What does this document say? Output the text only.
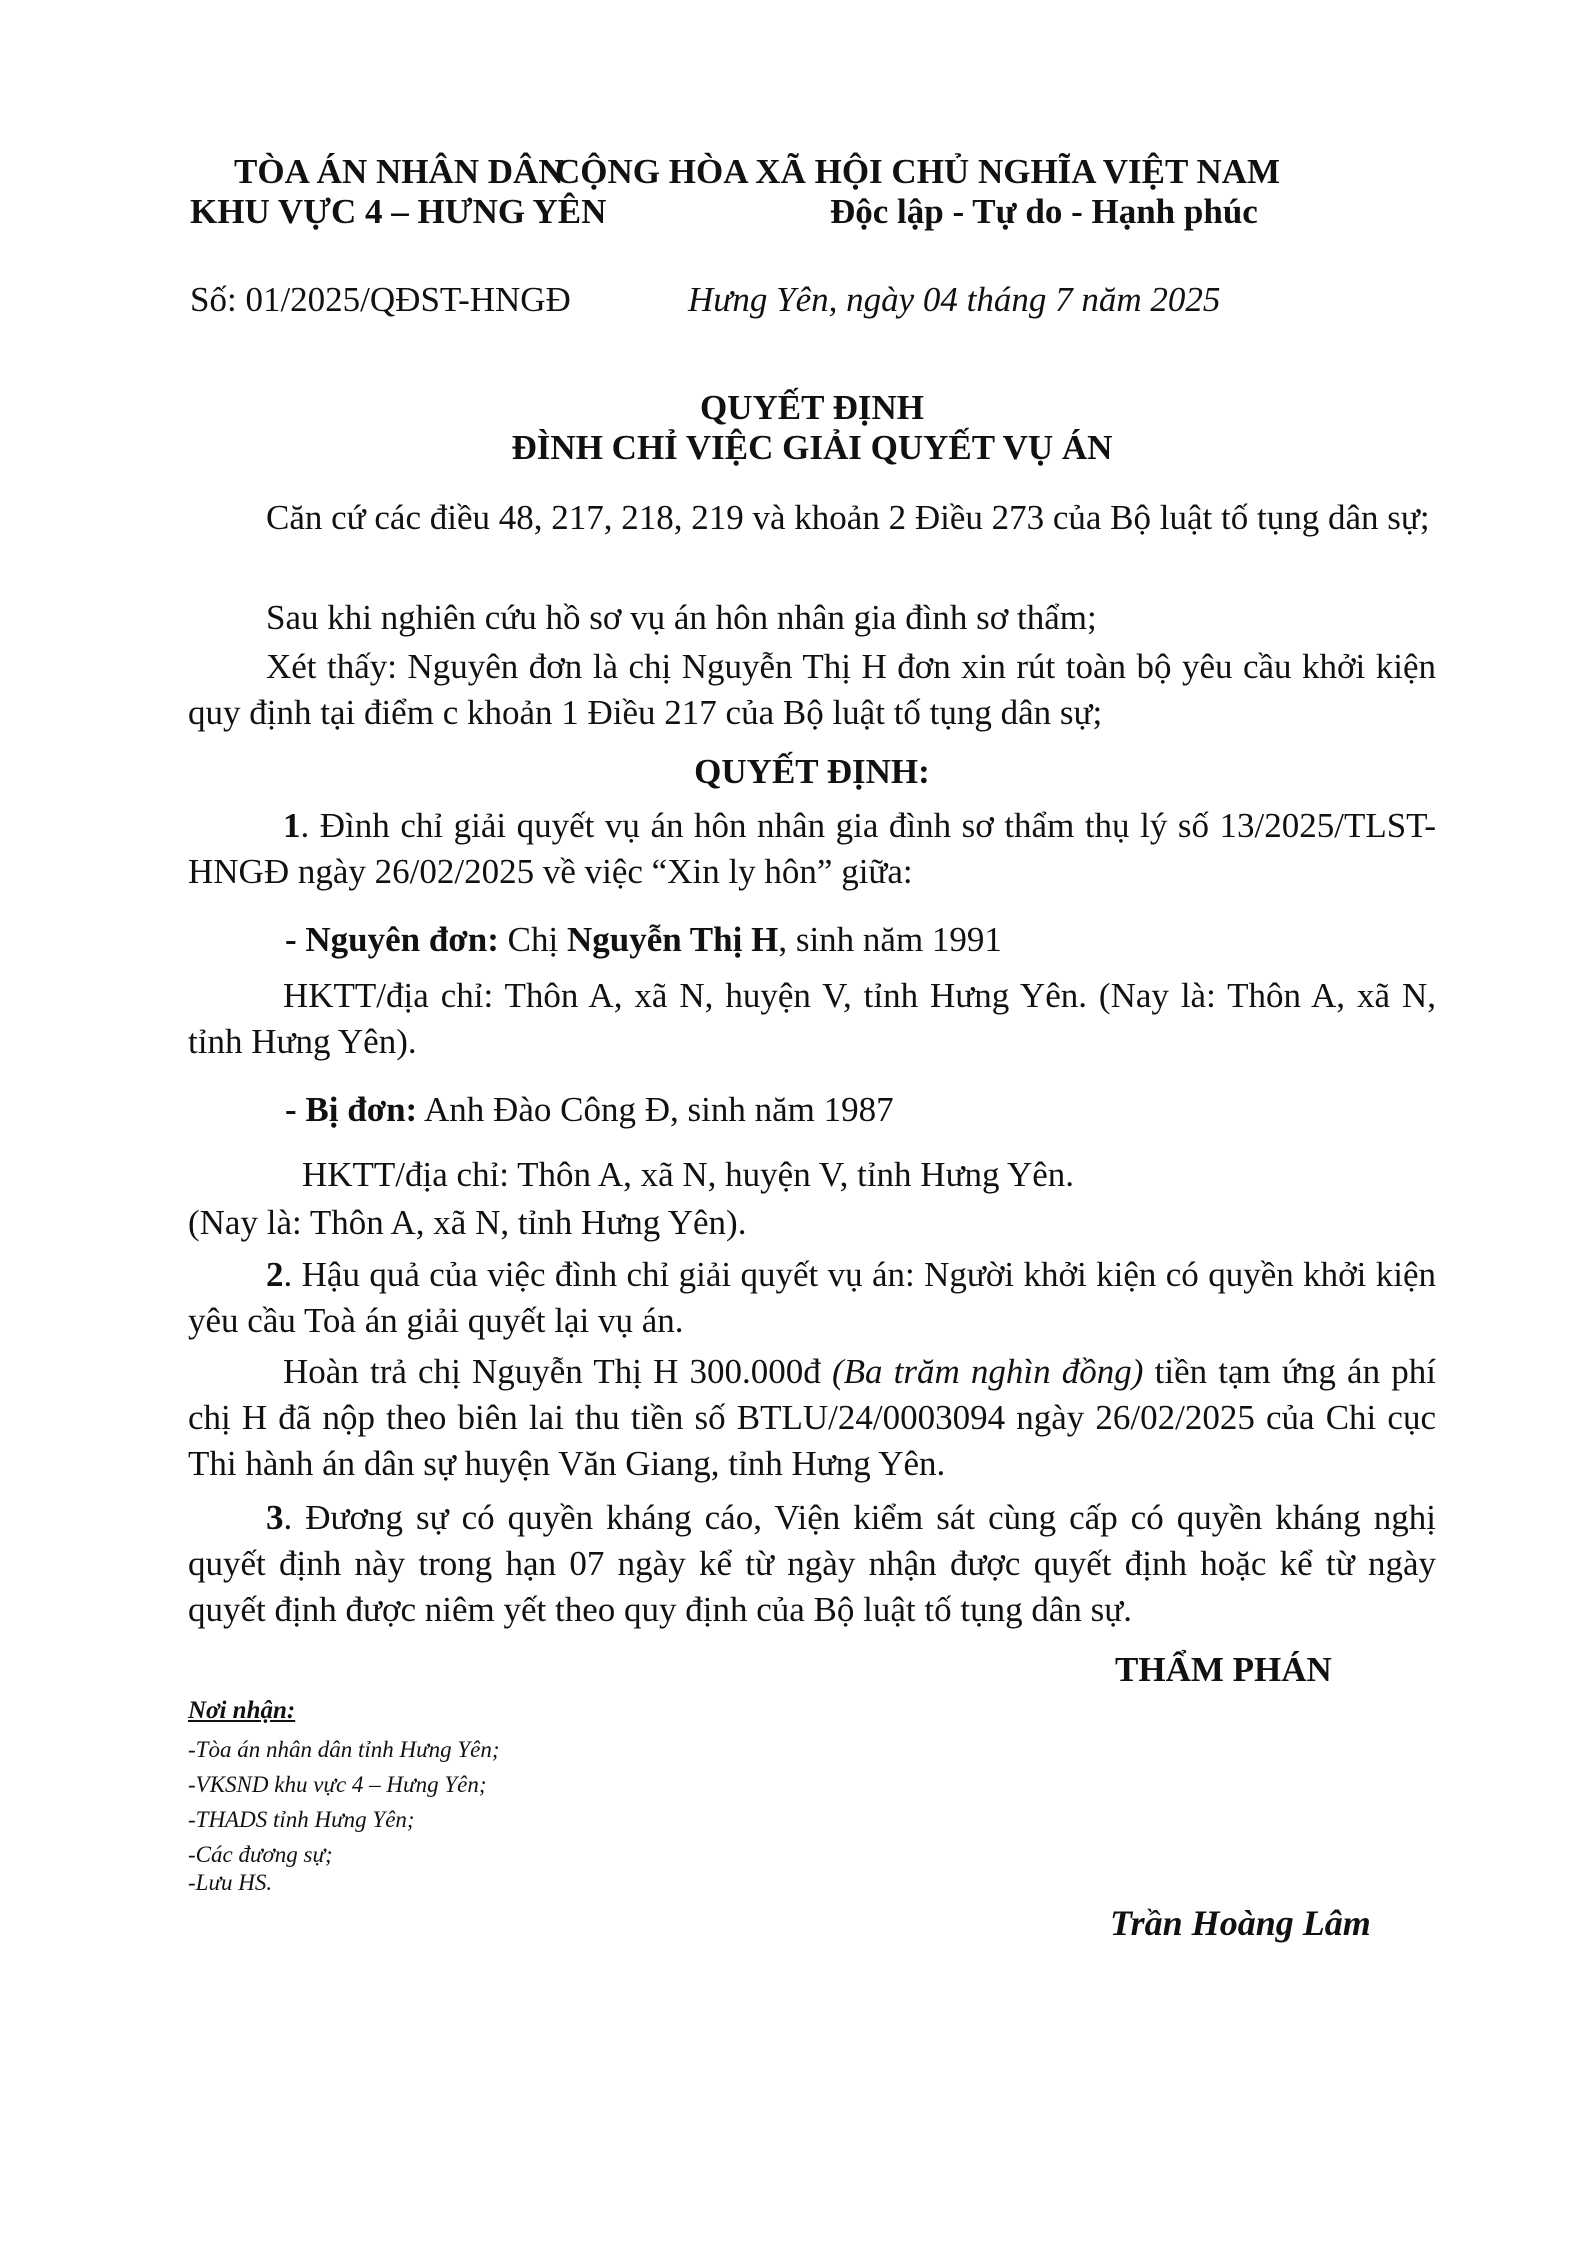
TÒA ÁN NHÂN DÂN
KHU VỰC 4 – HƯNG YÊN
CỘNG HÒA XÃ HỘI CHỦ NGHĨA VIỆT NAM
Độc lập - Tự do - Hạnh phúc
Số: 01/2025/QĐST-HNGĐ	Hưng Yên, ngày 04 tháng 7 năm 2025
QUYẾT ĐỊNH
ĐÌNH CHỈ VIỆC GIẢI QUYẾT VỤ ÁN
Căn cứ các điều 48, 217, 218, 219 và khoản 2 Điều 273 của Bộ luật tố tụng dân sự;
Sau khi nghiên cứu hồ sơ vụ án hôn nhân gia đình sơ thẩm;
Xét thấy: Nguyên đơn là chị Nguyễn Thị H đơn xin rút toàn bộ yêu cầu khởi kiện quy định tại điểm c khoản 1 Điều 217 của Bộ luật tố tụng dân sự;
QUYẾT ĐỊNH:
1. Đình chỉ giải quyết vụ án hôn nhân gia đình sơ thẩm thụ lý số 13/2025/TLST-HNGĐ ngày 26/02/2025 về việc “Xin ly hôn” giữa:
- Nguyên đơn: Chị Nguyễn Thị H, sinh năm 1991
HKTT/địa chỉ: Thôn A, xã N, huyện V, tỉnh Hưng Yên. (Nay là: Thôn A, xã N, tỉnh Hưng Yên).
- Bị đơn: Anh Đào Công Đ, sinh năm 1987
HKTT/địa chỉ: Thôn A, xã N, huyện V, tỉnh Hưng Yên.
(Nay là: Thôn A, xã N, tỉnh Hưng Yên).
2. Hậu quả của việc đình chỉ giải quyết vụ án: Người khởi kiện có quyền khởi kiện yêu cầu Toà án giải quyết lại vụ án.
Hoàn trả chị Nguyễn Thị H 300.000đ (Ba trăm nghìn đồng) tiền tạm ứng án phí chị H đã nộp theo biên lai thu tiền số BTLU/24/0003094 ngày 26/02/2025 của Chi cục Thi hành án dân sự huyện Văn Giang, tỉnh Hưng Yên.
3. Đương sự có quyền kháng cáo, Viện kiểm sát cùng cấp có quyền kháng nghị quyết định này trong hạn 07 ngày kể từ ngày nhận được quyết định hoặc kể từ ngày quyết định được niêm yết theo quy định của Bộ luật tố tụng dân sự.
THẨM PHÁN
Nơi nhận:
-Tòa án nhân dân tỉnh Hưng Yên;
-VKSND khu vực 4 – Hưng Yên;
-THADS tỉnh Hưng Yên;
-Các đương sự;
-Lưu HS.
Trần Hoàng Lâm
